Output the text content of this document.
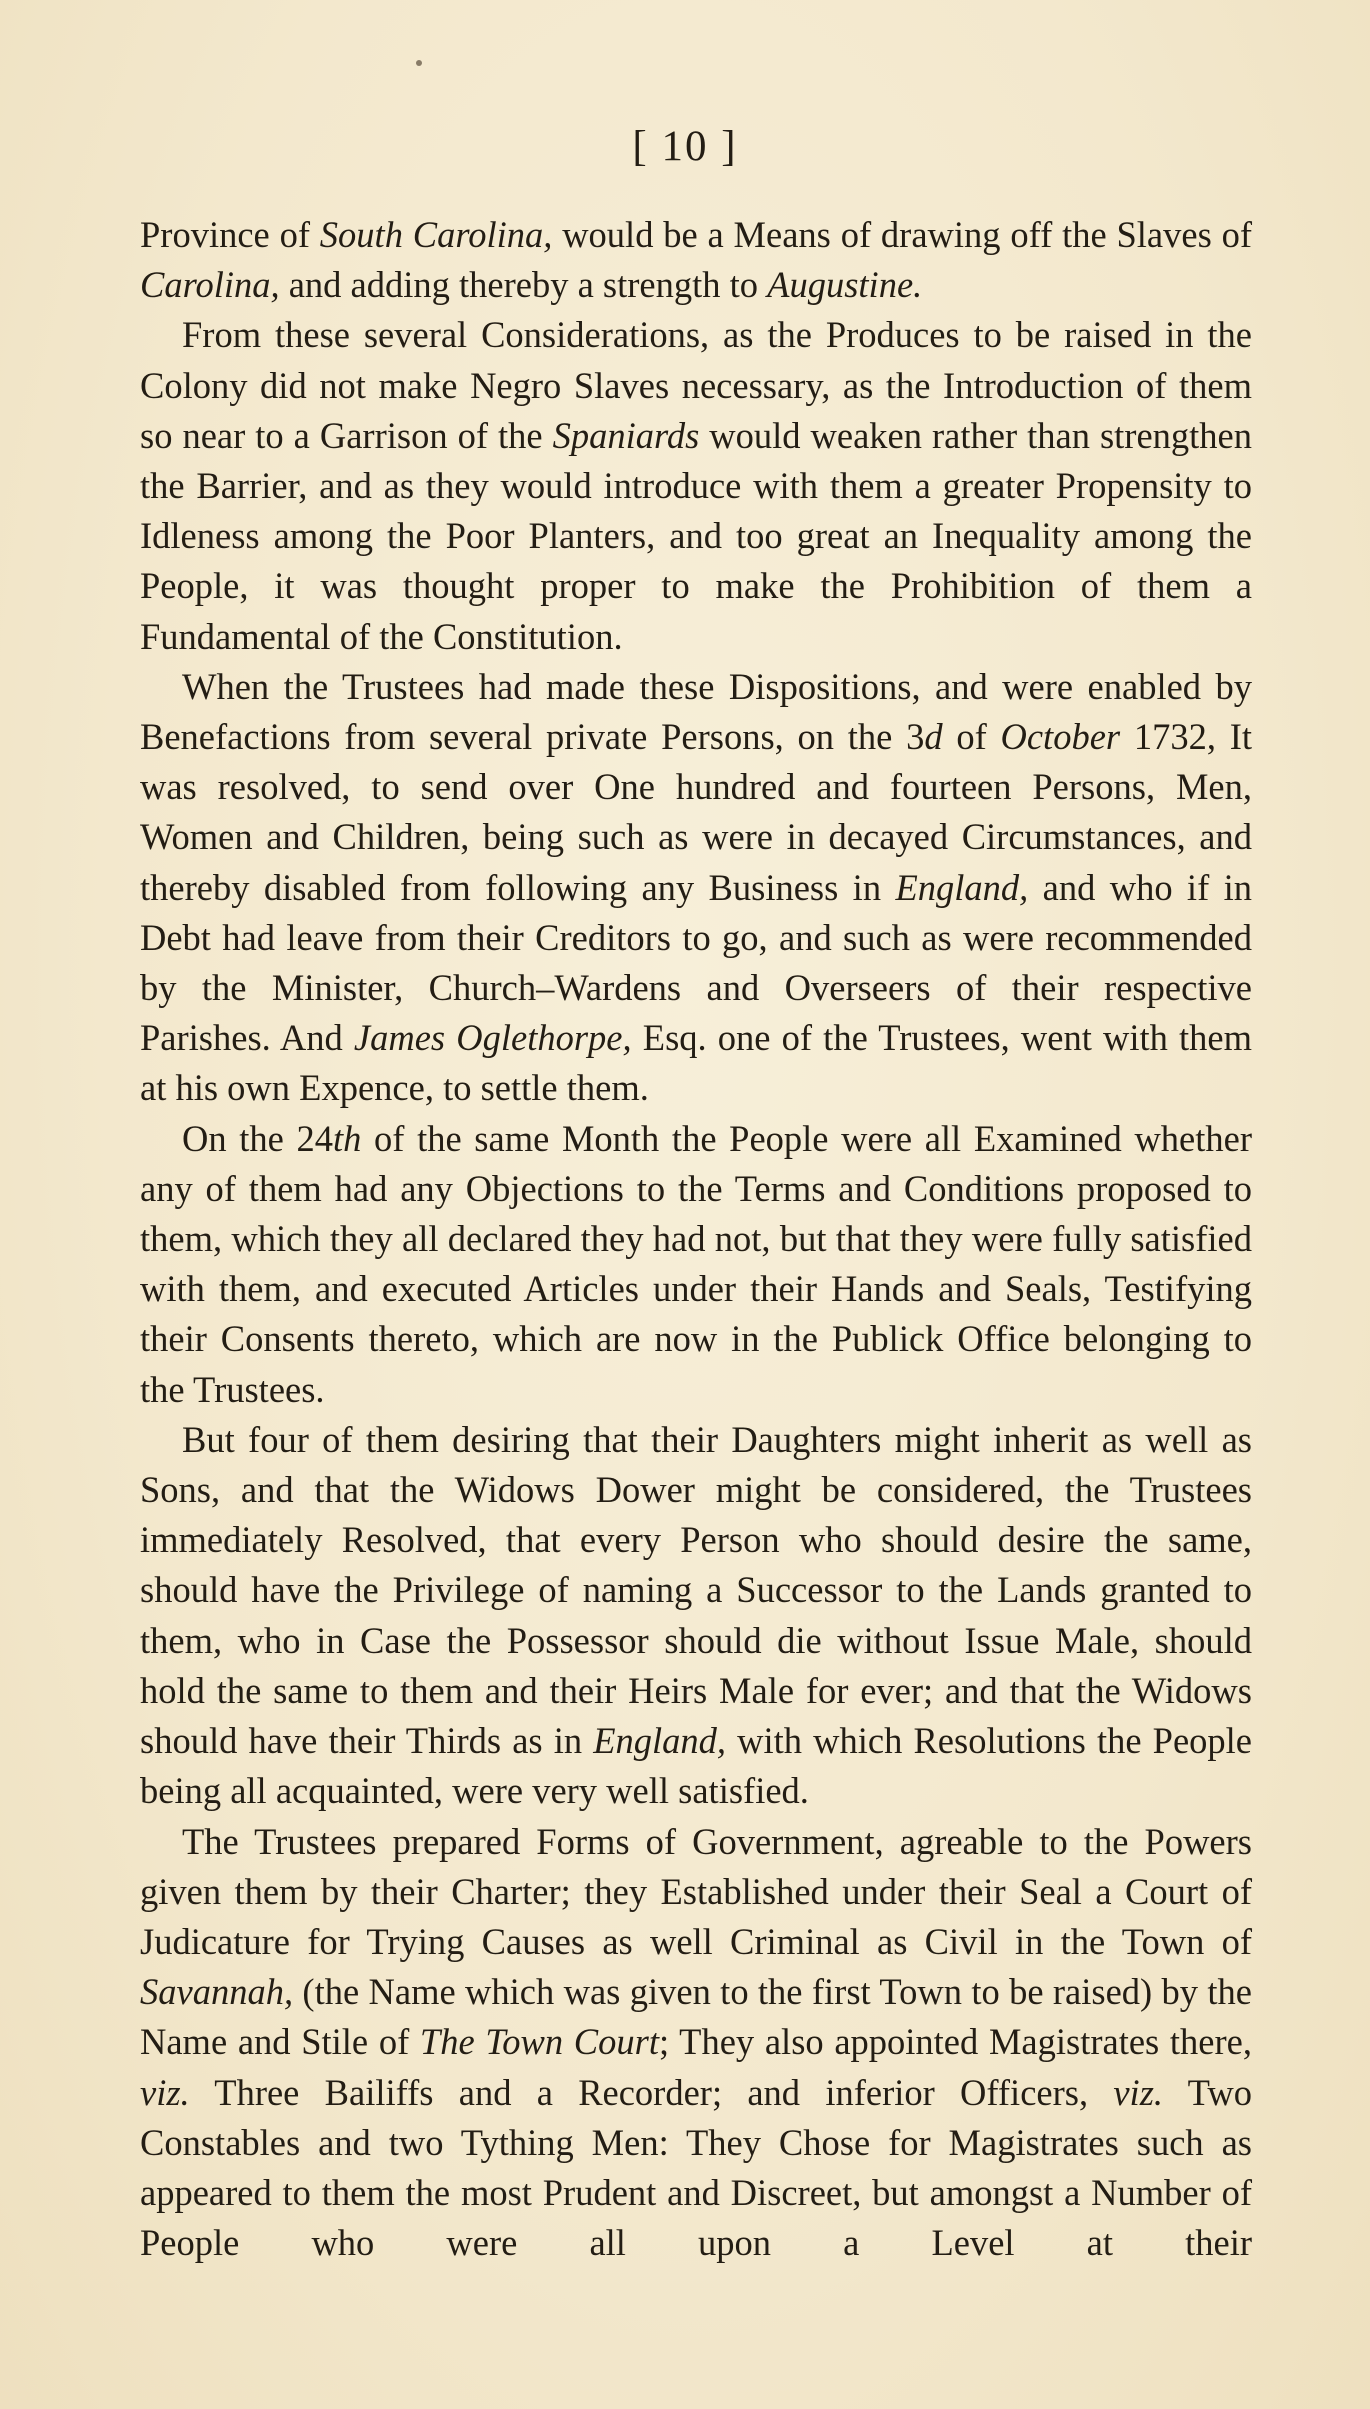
[ 10 ]

Province of South Carolina, would be a Means of drawing off the Slaves of Carolina, and adding thereby a strength to Augustine.

From these several Considerations, as the Produces to be raised in the Colony did not make Negro Slaves necessary, as the Introduction of them so near to a Garrison of the Spaniards would weaken rather than strengthen the Barrier, and as they would introduce with them a greater Propensity to Idleness among the Poor Planters, and too great an Inequality among the People, it was thought proper to make the Prohibition of them a Fundamental of the Constitution.

When the Trustees had made these Dispositions, and were enabled by Benefactions from several private Persons, on the 3d of October 1732, It was resolved, to send over One hundred and fourteen Persons, Men, Women and Children, being such as were in decayed Circumstances, and thereby disabled from following any Business in England, and who if in Debt had leave from their Creditors to go, and such as were recommended by the Minister, Church–Wardens and Overseers of their respective Parishes. And James Oglethorpe, Esq. one of the Trustees, went with them at his own Expence, to settle them.

On the 24th of the same Month the People were all Examined whether any of them had any Objections to the Terms and Conditions proposed to them, which they all declared they had not, but that they were fully satisfied with them, and executed Articles under their Hands and Seals, Testifying their Consents thereto, which are now in the Publick Office belonging to the Trustees.

But four of them desiring that their Daughters might inherit as well as Sons, and that the Widows Dower might be considered, the Trustees immediately Resolved, that every Person who should desire the same, should have the Privilege of naming a Successor to the Lands granted to them, who in Case the Possessor should die without Issue Male, should hold the same to them and their Heirs Male for ever; and that the Widows should have their Thirds as in England, with which Resolutions the People being all acquainted, were very well satisfied.

The Trustees prepared Forms of Government, agreable to the Powers given them by their Charter; they Established under their Seal a Court of Judicature for Trying Causes as well Criminal as Civil in the Town of Savannah, (the Name which was given to the first Town to be raised) by the Name and Stile of The Town Court; They also appointed Magistrates there, viz. Three Bailiffs and a Recorder; and inferior Officers, viz. Two Constables and two Tything Men: They Chose for Magistrates such as appeared to them the most Prudent and Discreet, but amongst a Number of People who were all upon a Level at their
